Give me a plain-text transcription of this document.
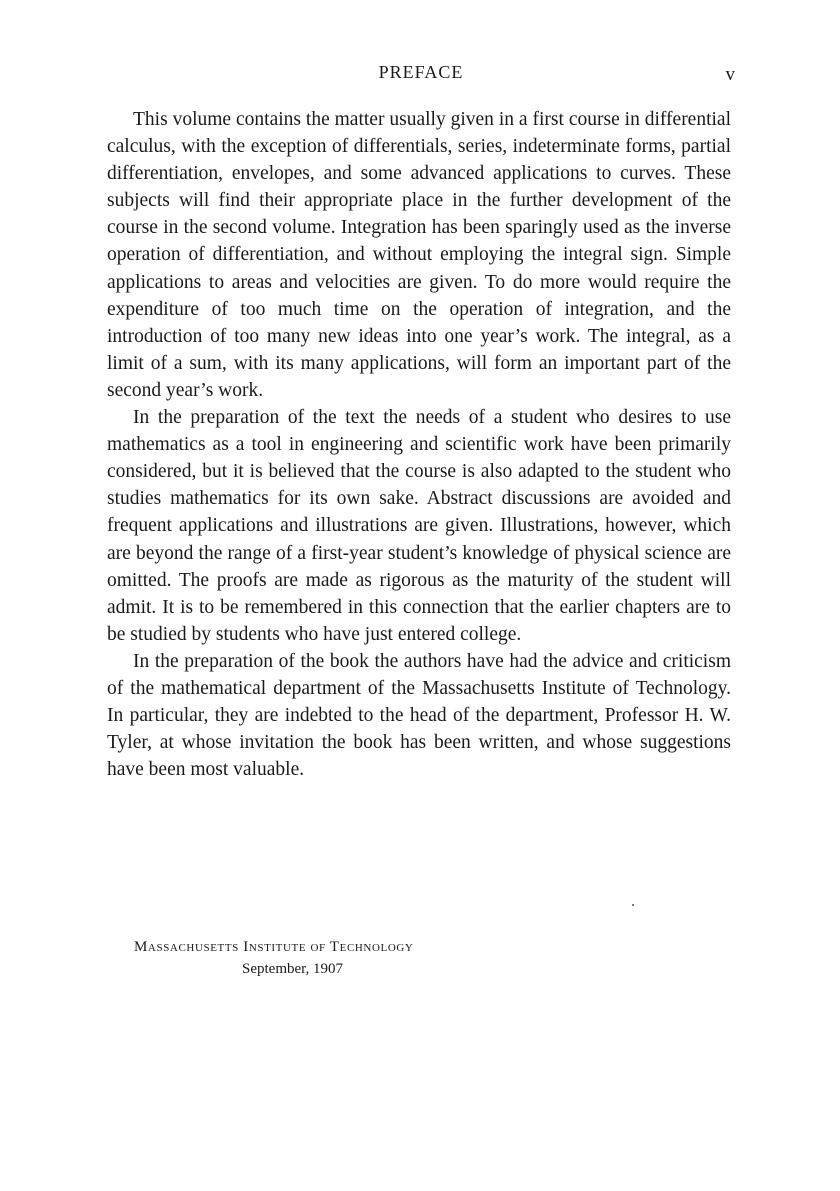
PREFACE	v

This volume contains the matter usually given in a first course in differential calculus, with the exception of differentials, series, indeterminate forms, partial differentiation, envelopes, and some advanced applications to curves. These subjects will find their appropriate place in the further development of the course in the second volume. Integration has been sparingly used as the inverse operation of differentiation, and without employing the integral sign. Simple applications to areas and velocities are given. To do more would require the expenditure of too much time on the operation of integration, and the introduction of too many new ideas into one year’s work. The integral, as a limit of a sum, with its many applications, will form an important part of the second year’s work.

In the preparation of the text the needs of a student who desires to use mathematics as a tool in engineering and scientific work have been primarily considered, but it is believed that the course is also adapted to the student who studies mathematics for its own sake. Abstract discussions are avoided and frequent applications and illustrations are given. Illustrations, however, which are beyond the range of a first-year student’s knowledge of physical science are omitted. The proofs are made as rigorous as the maturity of the student will admit. It is to be remembered in this connection that the earlier chapters are to be studied by students who have just entered college.

In the preparation of the book the authors have had the advice and criticism of the mathematical department of the Massachusetts Institute of Technology. In particular, they are indebted to the head of the department, Professor H. W. Tyler, at whose invitation the book has been written, and whose suggestions have been most valuable.

Massachusetts Institute of Technology
September, 1907
